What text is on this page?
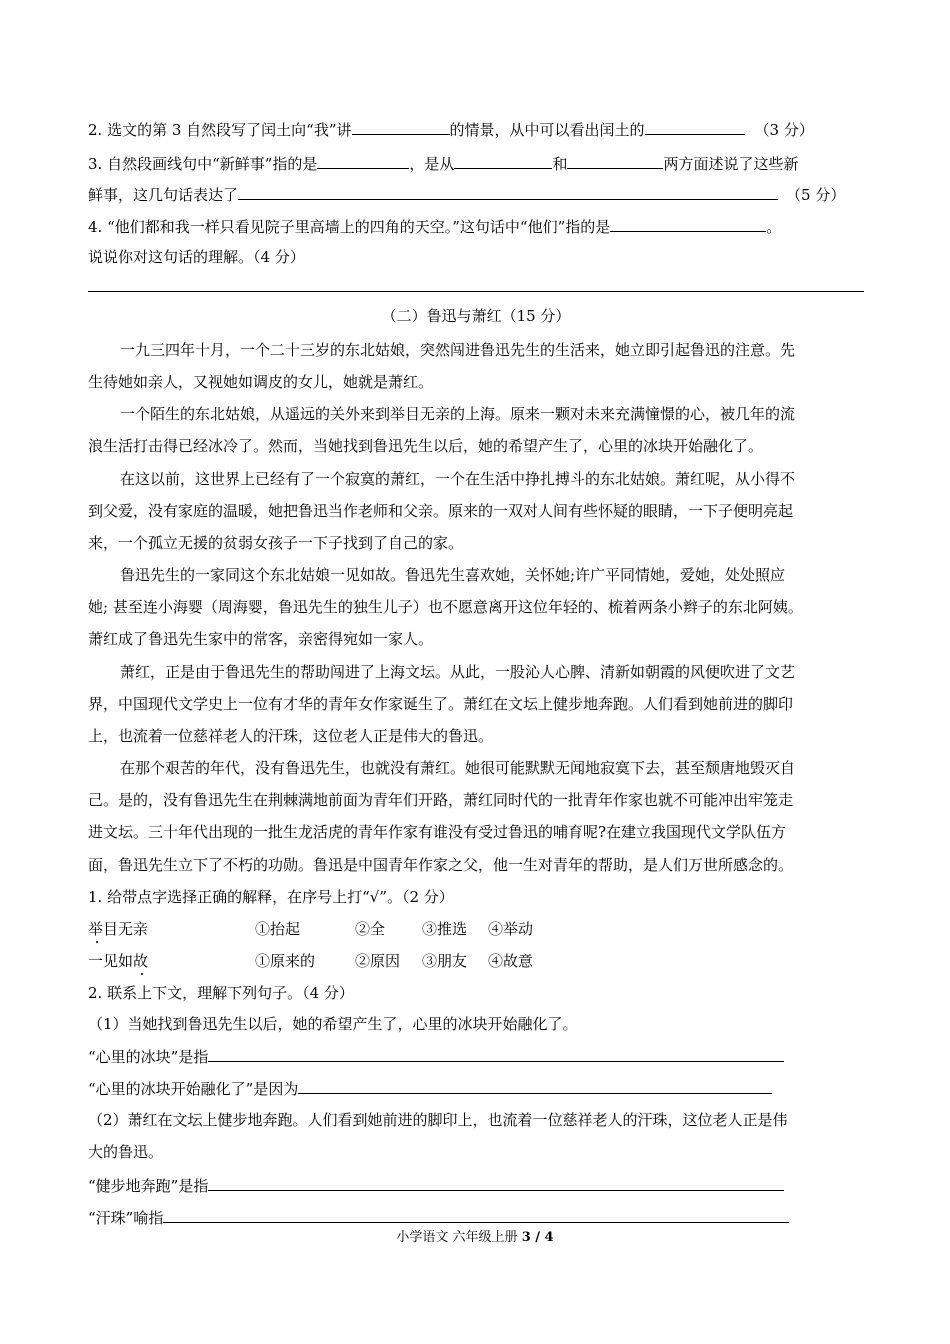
2. 选文的第 3 自然段写了闰土向“我”讲	的情景，从中可以看出闰土的	（3 分）
3. 自然段画线句中“新鲜事”指的是	，是从	和	两方面述说了这些新
鲜事，这几句话表达了	（5 分）
4. “他们都和我一样只看见院子里高墙上的四角的天空。”这句话中“他们”指的是	。
说说你对这句话的理解。（4 分）
（二）鲁迅与萧红（15 分）
一九三四年十月，一个二十三岁的东北姑娘，突然闯进鲁迅先生的生活来，她立即引起鲁迅的注意。先
生待她如亲人，又视她如调皮的女儿，她就是萧红。
一个陌生的东北姑娘，从遥远的关外来到举目无亲的上海。原来一颗对未来充满憧憬的心，被几年的流
浪生活打击得已经冰冷了。然而，当她找到鲁迅先生以后，她的希望产生了，心里的冰块开始融化了。
在这以前，这世界上已经有了一个寂寞的萧红，一个在生活中挣扎搏斗的东北姑娘。萧红呢，从小得不
到父爱，没有家庭的温暖，她把鲁迅当作老师和父亲。原来的一双对人间有些怀疑的眼睛，一下子便明亮起
来，一个孤立无援的贫弱女孩子一下子找到了自己的家。
鲁迅先生的一家同这个东北姑娘一见如故。鲁迅先生喜欢她，关怀她;许广平同情她，爱她，处处照应
她; 甚至连小海婴（周海婴，鲁迅先生的独生儿子）也不愿意离开这位年轻的、梳着两条小辫子的东北阿姨。
萧红成了鲁迅先生家中的常客，亲密得宛如一家人。
萧红，正是由于鲁迅先生的帮助闯进了上海文坛。从此，一股沁人心脾、清新如朝霞的风便吹进了文艺
界，中国现代文学史上一位有才华的青年女作家诞生了。萧红在文坛上健步地奔跑。人们看到她前进的脚印
上，也流着一位慈祥老人的汗珠，这位老人正是伟大的鲁迅。
在那个艰苦的年代，没有鲁迅先生，也就没有萧红。她很可能默默无闻地寂寞下去，甚至颓唐地毁灭自
己。是的，没有鲁迅先生在荆棘满地前面为青年们开路，萧红同时代的一批青年作家也就不可能冲出牢笼走
进文坛。三十年代出现的一批生龙活虎的青年作家有谁没有受过鲁迅的哺育呢?在建立我国现代文学队伍方
面，鲁迅先生立下了不朽的功勋。鲁迅是中国青年作家之父，他一生对青年的帮助，是人们万世所感念的。
1. 给带点字选择正确的解释，在序号上打“√”。（2 分）
举目无亲	①抬起	②全 ③推选 ④举动
一见如故	①原来的	②原因 ③朋友 ④故意
2. 联系上下文，理解下列句子。（4 分）
（1）当她找到鲁迅先生以后，她的希望产生了，心里的冰块开始融化了。
“心里的冰块”是指
“心里的冰块开始融化了”是因为
（2）萧红在文坛上健步地奔跑。人们看到她前进的脚印上，也流着一位慈祥老人的汗珠，这位老人正是伟
大的鲁迅。
“健步地奔跑”是指
“汗珠”喻指
小学语文 六年级上册 3 / 4
